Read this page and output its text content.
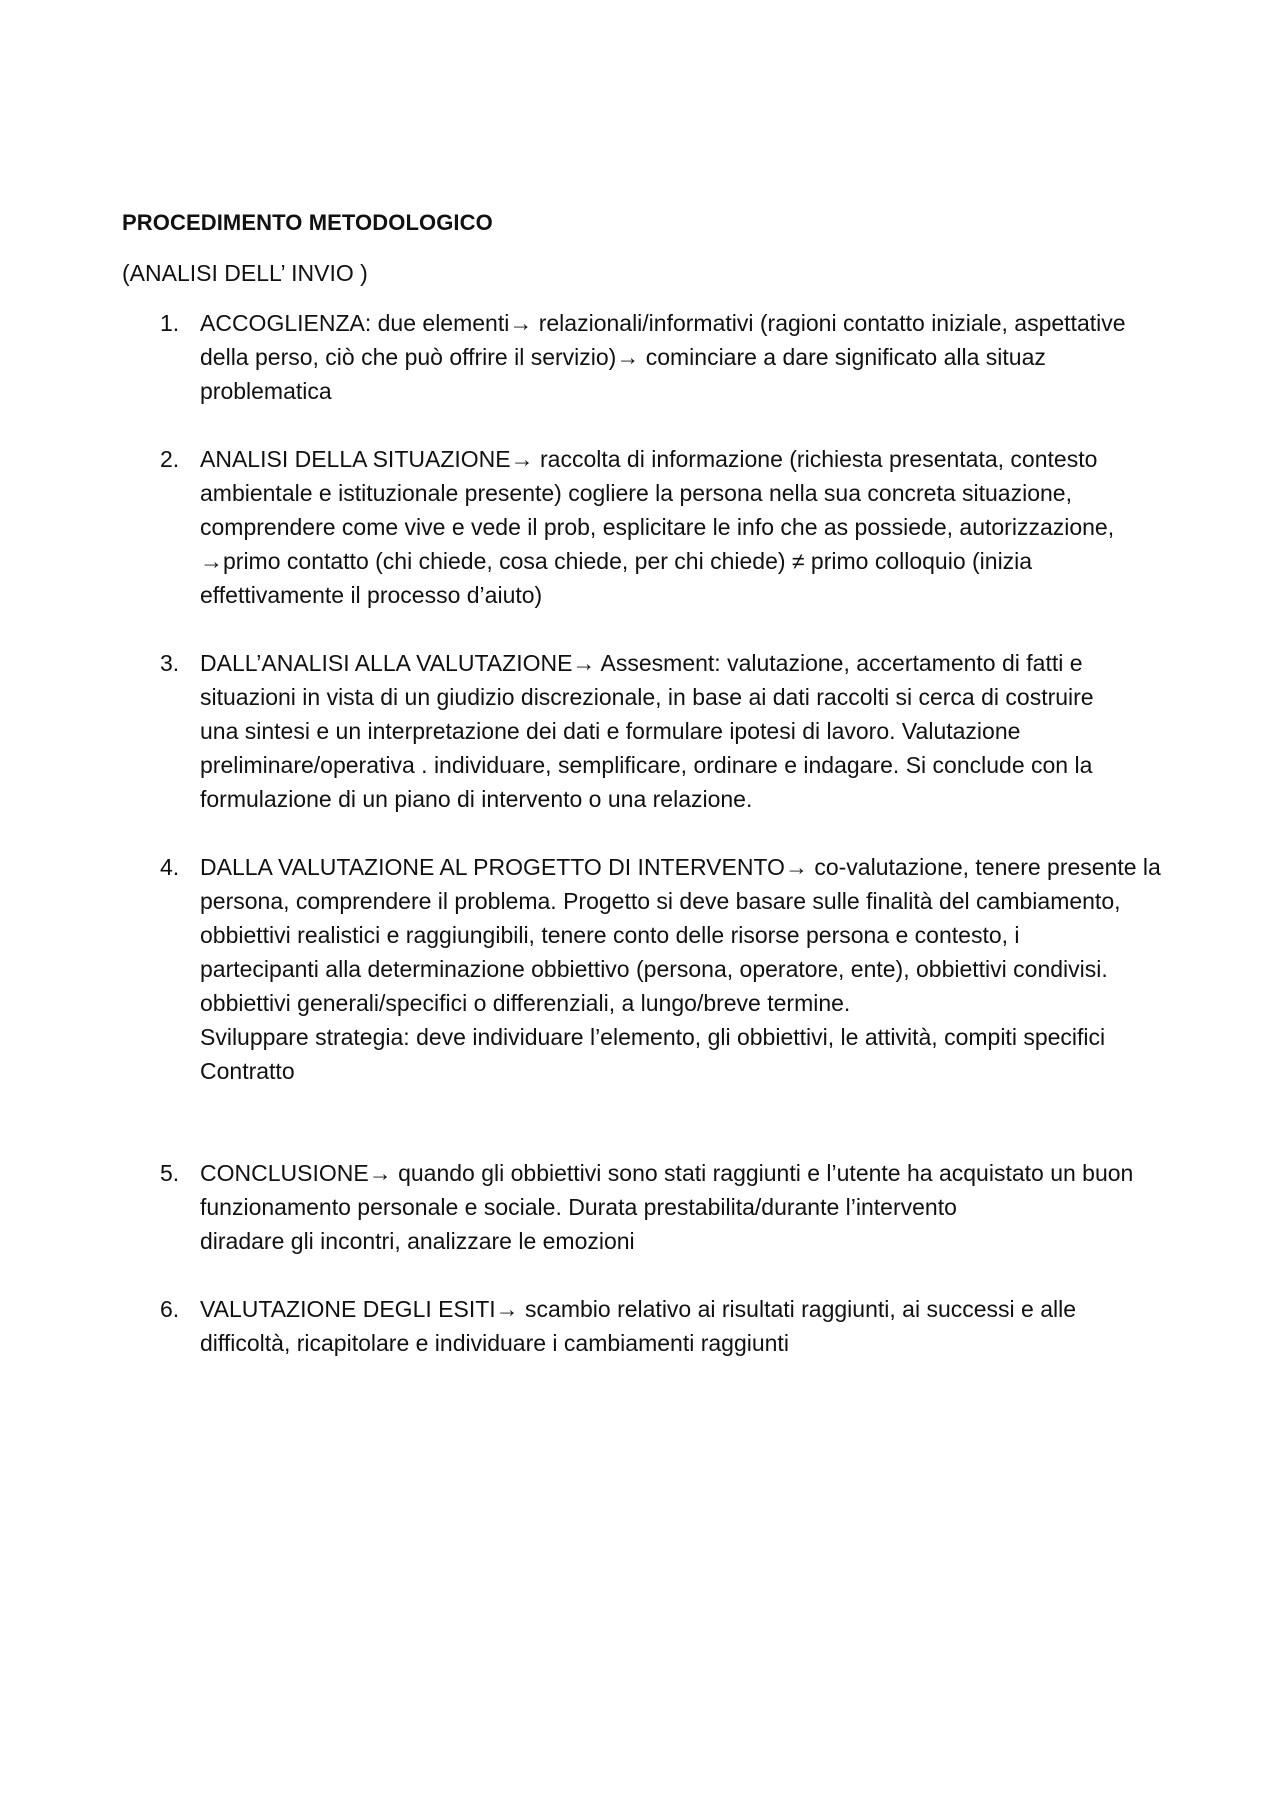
PROCEDIMENTO METODOLOGICO
(ANALISI DELL’ INVIO )
1. ACCOGLIENZA: due elementi→ relazionali/informativi (ragioni contatto iniziale, aspettative
della perso, ciò che può offrire il servizio)→ cominciare a dare significato alla situaz
problematica
2. ANALISI DELLA SITUAZIONE→ raccolta di informazione (richiesta presentata, contesto
ambientale e istituzionale presente) cogliere la persona nella sua concreta situazione,
comprendere come vive e vede il prob, esplicitare le info che as possiede, autorizzazione,
→primo contatto (chi chiede, cosa chiede, per chi chiede) ≠ primo colloquio (inizia
effettivamente il processo d’aiuto)
3. DALL’ANALISI ALLA VALUTAZIONE→ Assesment: valutazione, accertamento di fatti e
situazioni in vista di un giudizio discrezionale, in base ai dati raccolti si cerca di costruire
una sintesi e un interpretazione dei dati e formulare ipotesi di lavoro. Valutazione
preliminare/operativa . individuare, semplificare, ordinare e indagare. Si conclude con la
formulazione di un piano di intervento o una relazione.
4. DALLA VALUTAZIONE AL PROGETTO DI INTERVENTO→ co-valutazione, tenere presente la
persona, comprendere il problema. Progetto si deve basare sulle finalità del cambiamento,
obbiettivi realistici e raggiungibili, tenere conto delle risorse persona e contesto, i
partecipanti alla determinazione obbiettivo (persona, operatore, ente), obbiettivi condivisi.
obbiettivi generali/specifici o differenziali, a lungo/breve termine.
Sviluppare strategia: deve individuare l’elemento, gli obbiettivi, le attività, compiti specifici
Contratto
5. CONCLUSIONE→ quando gli obbiettivi sono stati raggiunti e l’utente ha acquistato un buon
funzionamento personale e sociale. Durata prestabilita/durante l’intervento
diradare gli incontri, analizzare le emozioni
6. VALUTAZIONE DEGLI ESITI→ scambio relativo ai risultati raggiunti, ai successi e alle
difficoltà, ricapitolare e individuare i cambiamenti raggiunti
